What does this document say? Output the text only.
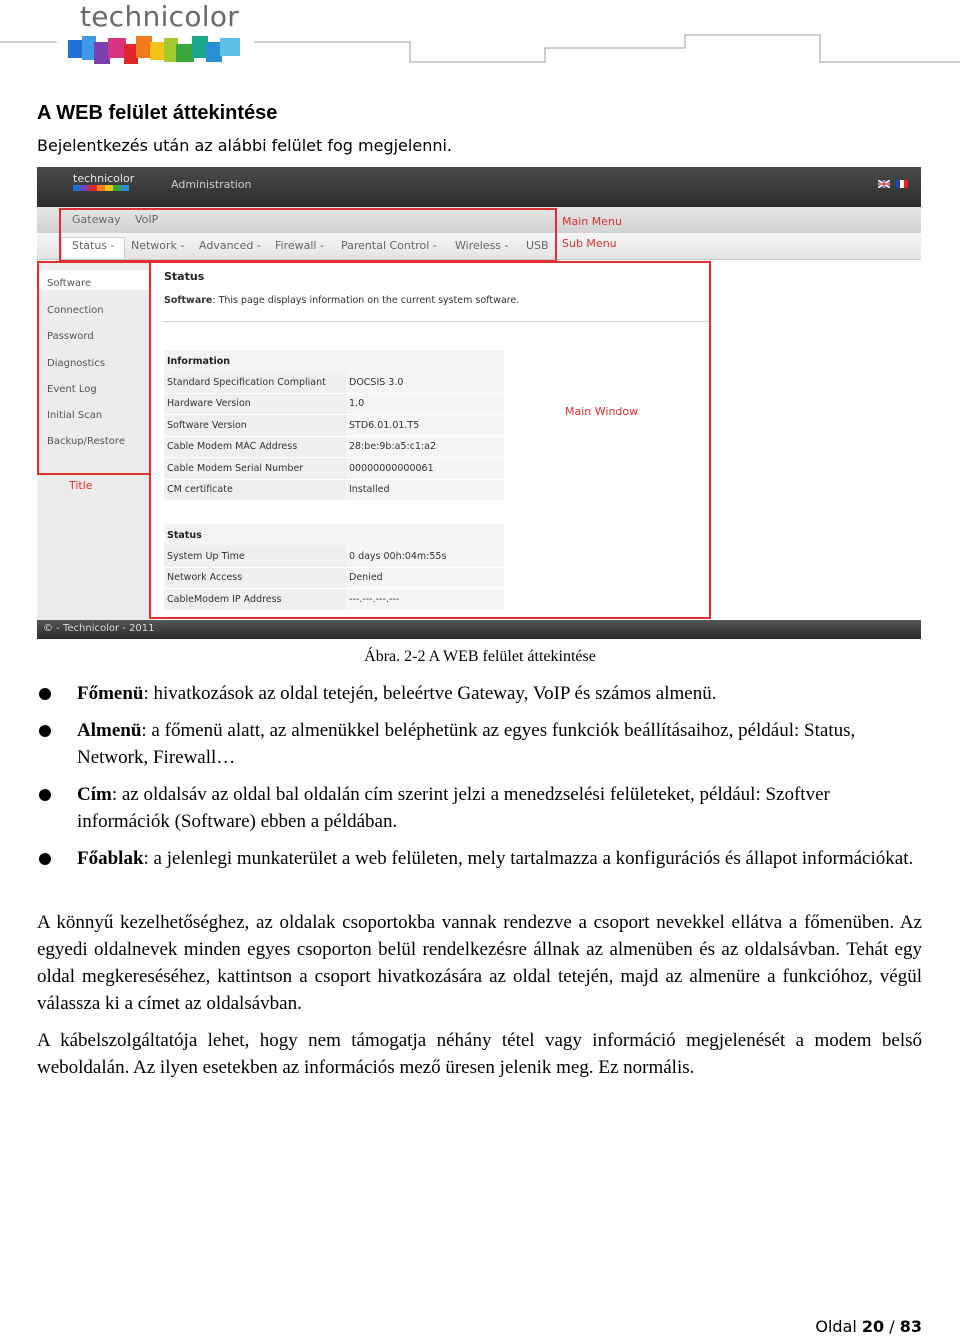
technicolor
A WEB felület áttekintése
Bejelentkezés után az alábbi felület fog megjelenni.
technicolor	Administration
Gateway VoIP
Status - Network - Advanced - Firewall - Parental Control - Wireless - USB
Software
Connection
Password
Diagnostics
Event Log
Initial Scan
Backup/Restore
Status
Software: This page displays information on the current system software.
Information	
Standard Specification Compliant	DOCSIS 3.0
Hardware Version	1.0
Software Version	STD6.01.01.T5
Cable Modem MAC Address	28:be:9b:a5:c1:a2
Cable Modem Serial Number	00000000000061
CM certificate	Installed
Status	
System Up Time	0 days 00h:04m:55s
Network Access	Denied
CableModem IP Address	---.---.---.---
© - Technicolor - 2011
Main Menu
Sub Menu
Main Window
Title
Ábra. 2-2 A WEB felület áttekintése
Főmenü: hivatkozások az oldal tetején, beleértve Gateway, VoIP és számos almenü.
Almenü: a főmenü alatt, az almenükkel beléphetünk az egyes funkciók beállításaihoz, például: Status, Network, Firewall…
Cím: az oldalsáv az oldal bal oldalán cím szerint jelzi a menedzselési felületeket, például: Szoftver információk (Software) ebben a példában.
Főablak: a jelenlegi munkaterület a web felületen, mely tartalmazza a konfigurációs és állapot információkat.
A könnyű kezelhetőséghez, az oldalak csoportokba vannak rendezve a csoport nevekkel ellátva a főmenüben. Az egyedi oldalnevek minden egyes csoporton belül rendelkezésre állnak az almenüben és az oldalsávban. Tehát egy oldal megkereséséhez, kattintson a csoport hivatkozására az oldal tetején, majd az almenüre a funkcióhoz, végül válassza ki a címet az oldalsávban.
A kábelszolgáltatója lehet, hogy nem támogatja néhány tétel vagy információ megjelenését a modem belső weboldalán. Az ilyen esetekben az információs mező üresen jelenik meg. Ez normális.
Oldal 20 / 83
